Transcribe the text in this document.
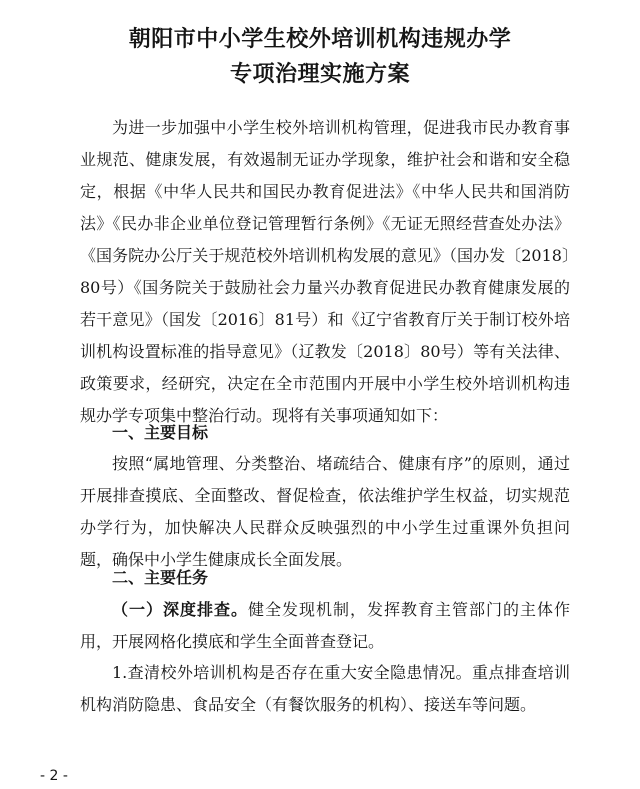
朝阳市中小学生校外培训机构违规办学
专项治理实施方案

为进一步加强中小学生校外培训机构管理，促进我市民办教育事业规范、健康发展，有效遏制无证办学现象，维护社会和谐和安全稳定，根据《中华人民共和国民办教育促进法》《中华人民共和国消防法》《民办非企业单位登记管理暂行条例》《无证无照经营查处办法》《国务院办公厅关于规范校外培训机构发展的意见》（国办发〔2018〕80号）《国务院关于鼓励社会力量兴办教育促进民办教育健康发展的若干意见》（国发〔2016〕81号）和《辽宁省教育厅关于制订校外培训机构设置标准的指导意见》（辽教发〔2018〕80号）等有关法律、政策要求，经研究，决定在全市范围内开展中小学生校外培训机构违规办学专项集中整治行动。现将有关事项通知如下：

一、主要目标

按照“属地管理、分类整治、堵疏结合、健康有序”的原则，通过开展排查摸底、全面整改、督促检查，依法维护学生权益，切实规范办学行为，加快解决人民群众反映强烈的中小学生过重课外负担问题，确保中小学生健康成长全面发展。

二、主要任务

（一）深度排查。健全发现机制，发挥教育主管部门的主体作用，开展网格化摸底和学生全面普查登记。

1.查清校外培训机构是否存在重大安全隐患情况。重点排查培训机构消防隐患、食品安全（有餐饮服务的机构）、接送车等问题。

- 2 -
